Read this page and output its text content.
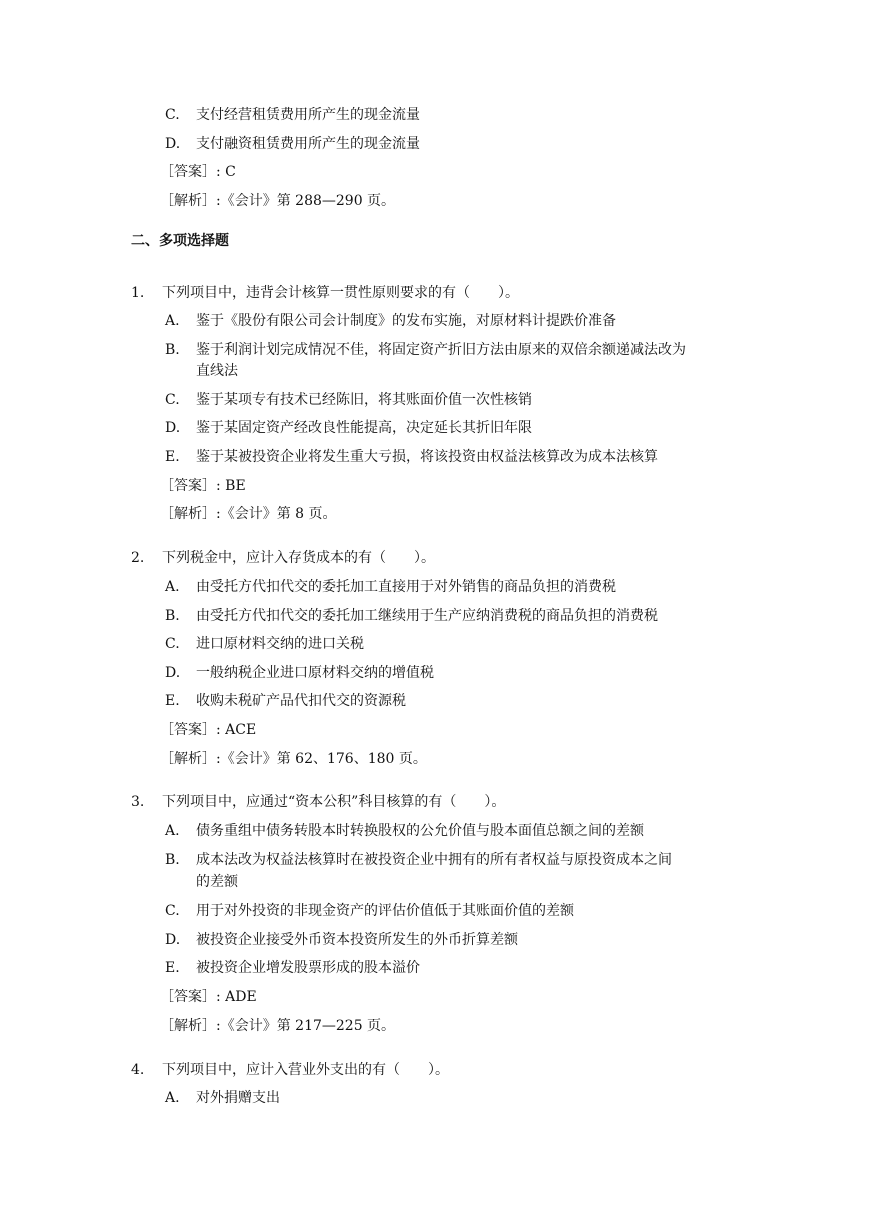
C. 支付经营租赁费用所产生的现金流量
D. 支付融资租赁费用所产生的现金流量
［答案］: C
［解析］:《会计》第 288—290 页。
二、多项选择题
1. 下列项目中，违背会计核算一贯性原则要求的有（　　）。
A. 鉴于《股份有限公司会计制度》的发布实施，对原材料计提跌价准备
B. 鉴于利润计划完成情况不佳，将固定资产折旧方法由原来的双倍余额递减法改为
直线法
C. 鉴于某项专有技术已经陈旧，将其账面价值一次性核销
D. 鉴于某固定资产经改良性能提高，决定延长其折旧年限
E. 鉴于某被投资企业将发生重大亏损，将该投资由权益法核算改为成本法核算
［答案］: BE
［解析］:《会计》第 8 页。
2. 下列税金中，应计入存货成本的有（　　）。
A. 由受托方代扣代交的委托加工直接用于对外销售的商品负担的消费税
B. 由受托方代扣代交的委托加工继续用于生产应纳消费税的商品负担的消费税
C. 进口原材料交纳的进口关税
D. 一般纳税企业进口原材料交纳的增值税
E. 收购未税矿产品代扣代交的资源税
［答案］: ACE
［解析］:《会计》第 62、176、180 页。
3. 下列项目中，应通过“资本公积”科目核算的有（　　）。
A. 债务重组中债务转股本时转换股权的公允价值与股本面值总额之间的差额
B. 成本法改为权益法核算时在被投资企业中拥有的所有者权益与原投资成本之间
的差额
C. 用于对外投资的非现金资产的评估价值低于其账面价值的差额
D. 被投资企业接受外币资本投资所发生的外币折算差额
E. 被投资企业增发股票形成的股本溢价
［答案］: ADE
［解析］:《会计》第 217—225 页。
4. 下列项目中，应计入营业外支出的有（　　）。
A. 对外捐赠支出
